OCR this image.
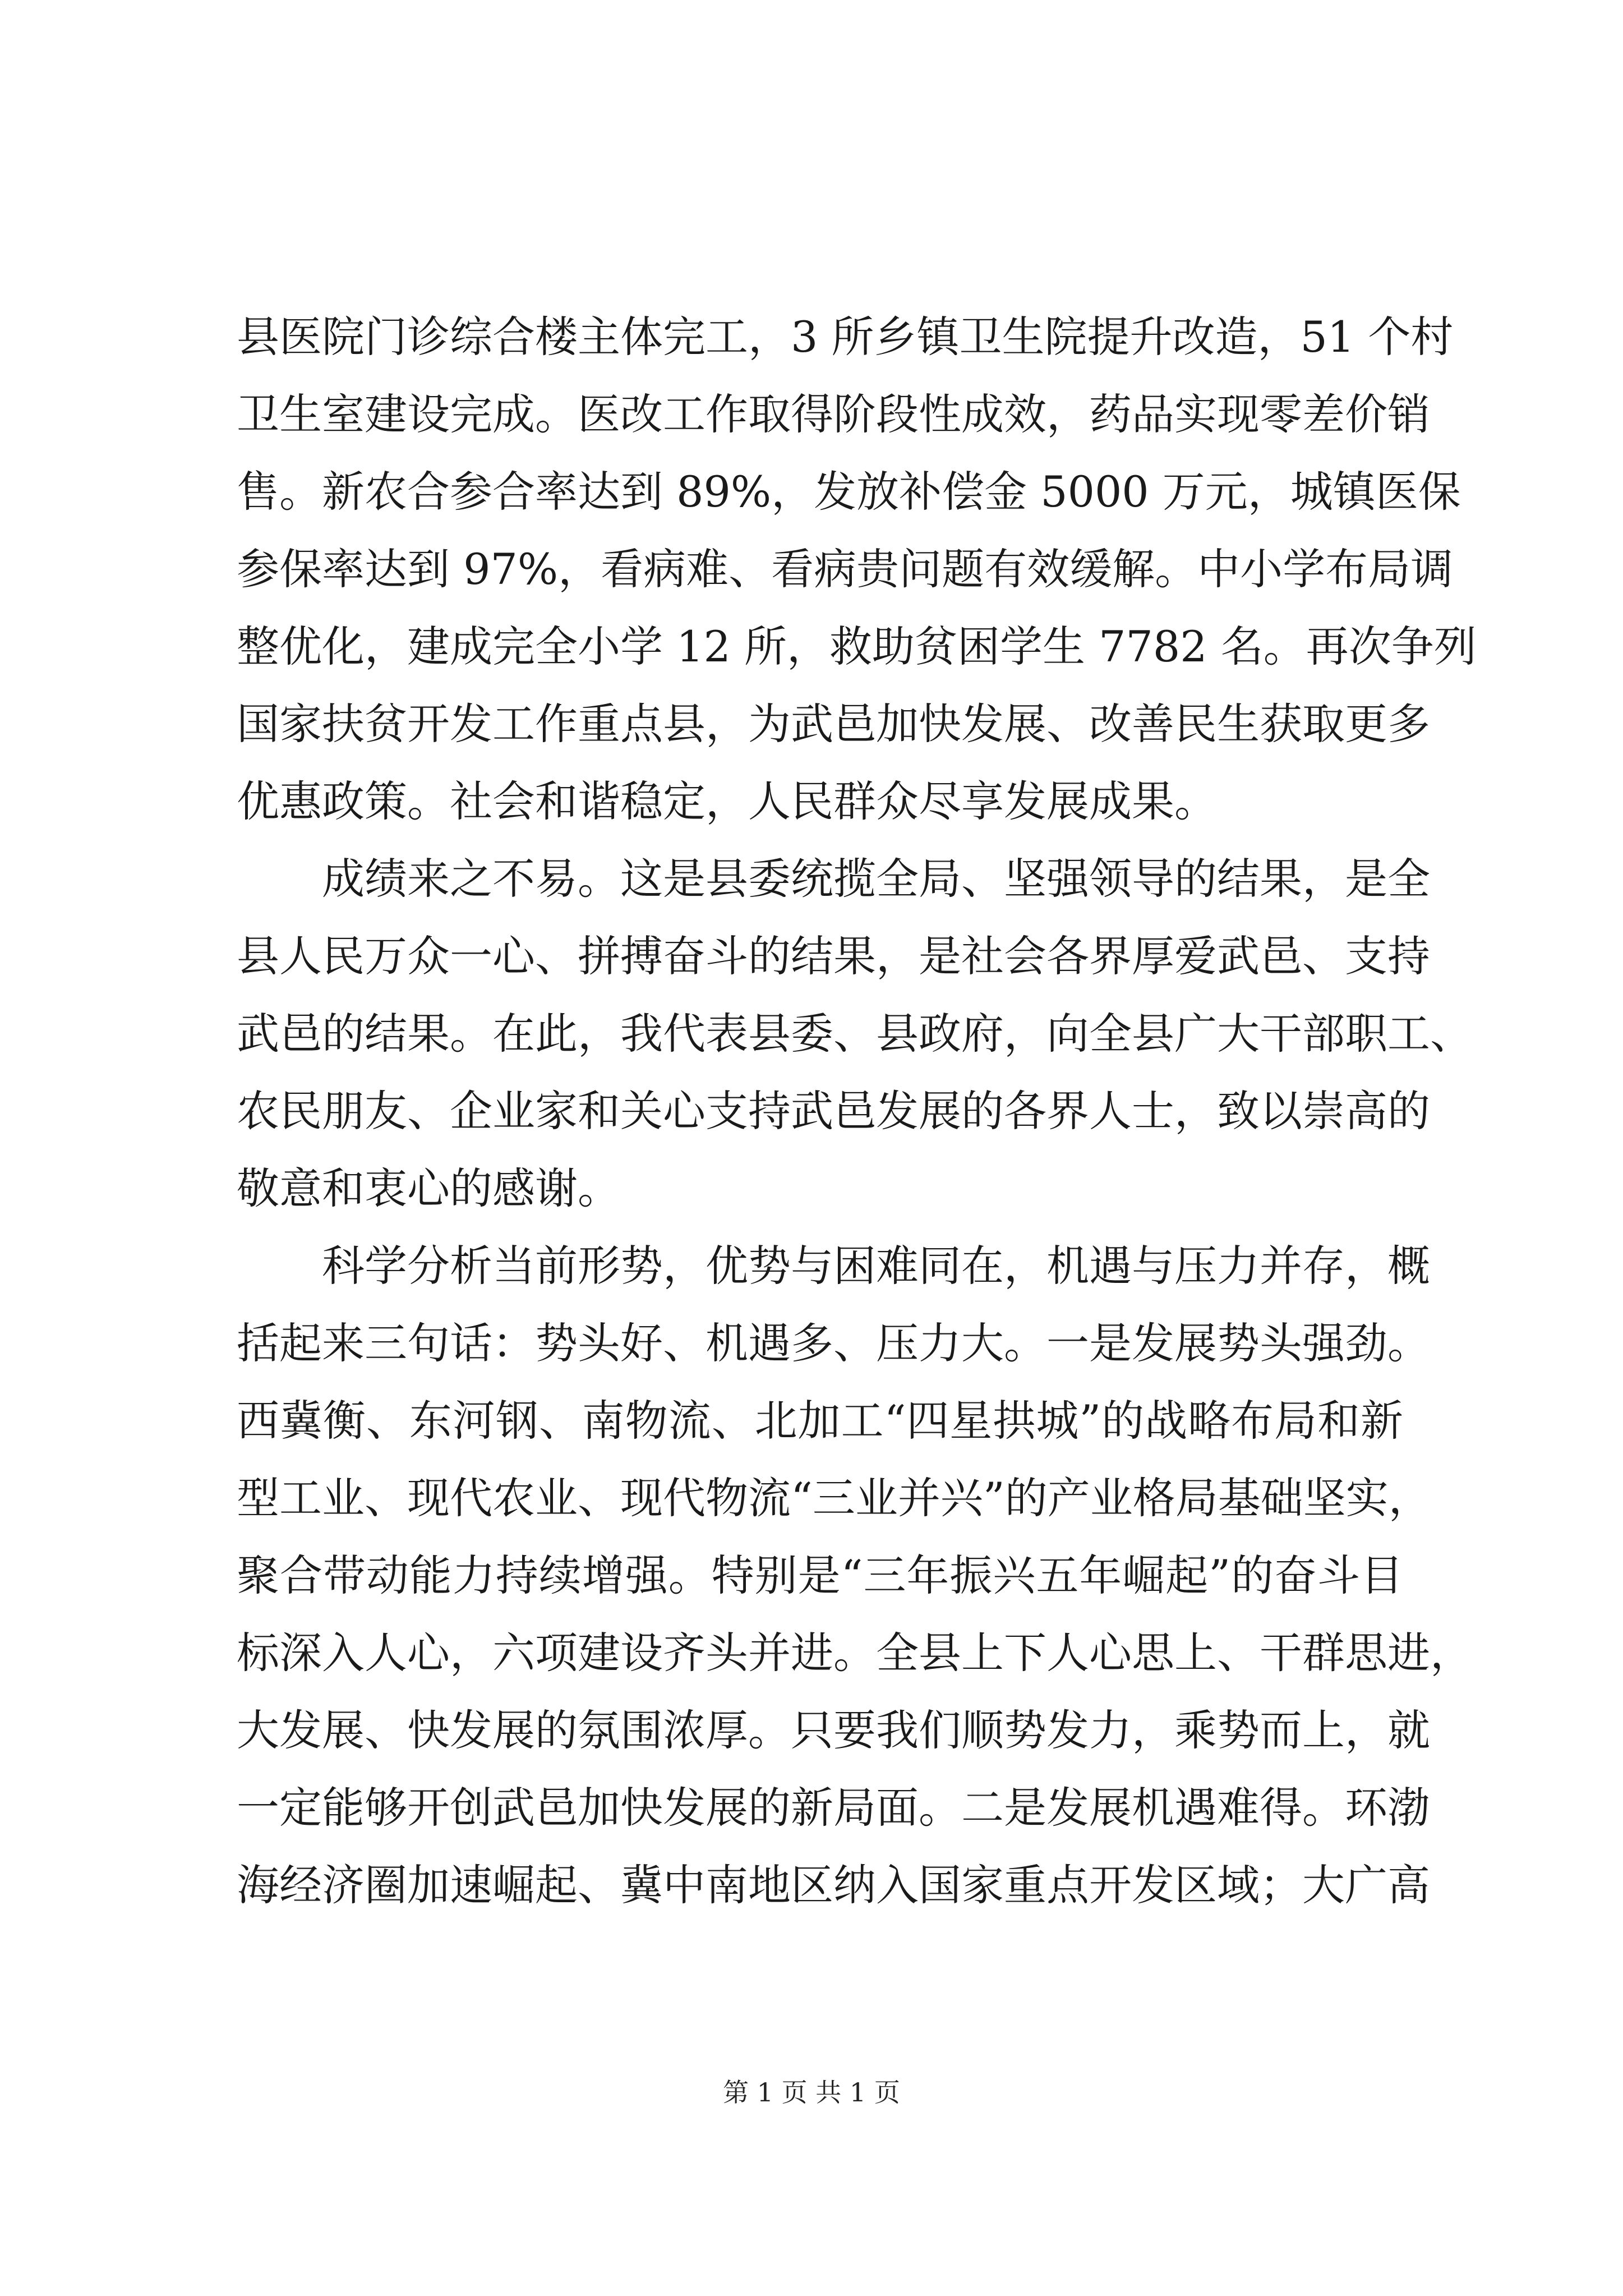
县医院门诊综合楼主体完工，3 所乡镇卫生院提升改造，51 个村
卫生室建设完成。医改工作取得阶段性成效，药品实现零差价销
售。新农合参合率达到 89%，发放补偿金 5000 万元，城镇医保
参保率达到 97%，看病难、看病贵问题有效缓解。中小学布局调
整优化，建成完全小学 12 所，救助贫困学生 7782 名。再次争列
国家扶贫开发工作重点县，为武邑加快发展、改善民生获取更多
优惠政策。社会和谐稳定，人民群众尽享发展成果。
成绩来之不易。这是县委统揽全局、坚强领导的结果，是全
县人民万众一心、拼搏奋斗的结果，是社会各界厚爱武邑、支持
武邑的结果。在此，我代表县委、县政府，向全县广大干部职工、
农民朋友、企业家和关心支持武邑发展的各界人士，致以崇高的
敬意和衷心的感谢。
科学分析当前形势，优势与困难同在，机遇与压力并存，概
括起来三句话：势头好、机遇多、压力大。一是发展势头强劲。
西冀衡、东河钢、南物流、北加工“四星拱城”的战略布局和新
型工业、现代农业、现代物流“三业并兴”的产业格局基础坚实，
聚合带动能力持续增强。特别是“三年振兴五年崛起”的奋斗目
标深入人心，六项建设齐头并进。全县上下人心思上、干群思进，
大发展、快发展的氛围浓厚。只要我们顺势发力，乘势而上，就
一定能够开创武邑加快发展的新局面。二是发展机遇难得。环渤
海经济圈加速崛起、冀中南地区纳入国家重点开发区域；大广高
第 1 页 共 1 页
